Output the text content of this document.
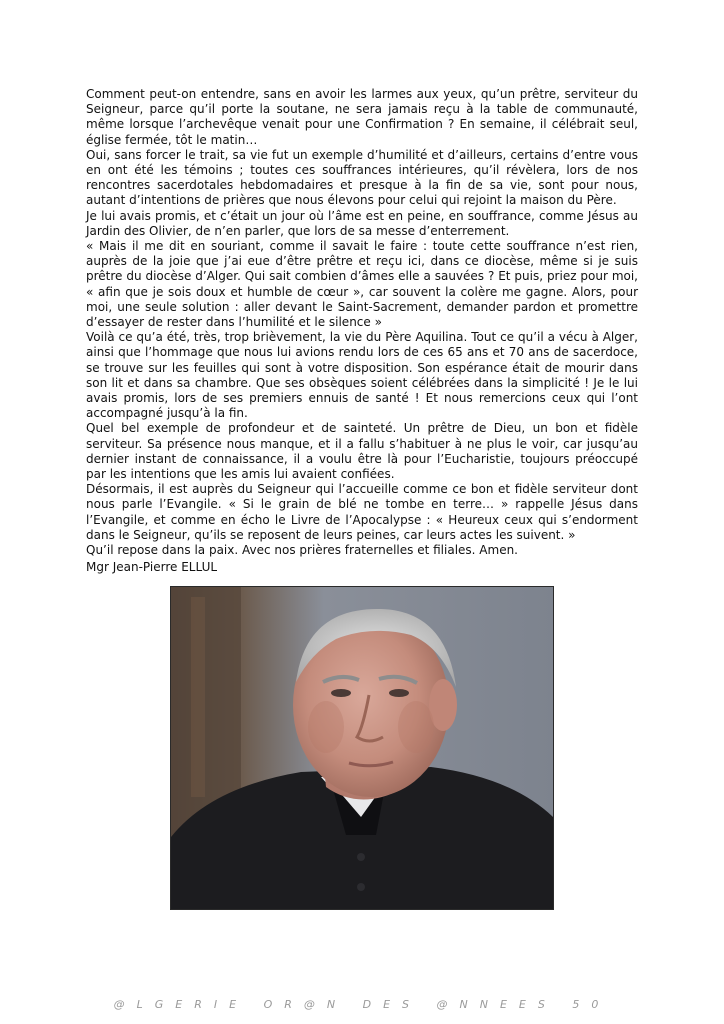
Comment peut-on entendre, sans en avoir les larmes aux yeux, qu’un prêtre, serviteur du Seigneur, parce qu’il porte la soutane, ne sera jamais reçu à la table de communauté, même lorsque l’archevêque venait pour une Confirmation ? En semaine, il célébrait seul, église fermée, tôt le matin…

Oui, sans forcer le trait, sa vie fut un exemple d’humilité et d’ailleurs, certains d’entre vous en ont été les témoins ; toutes ces souffrances intérieures, qu’il révèlera, lors de nos rencontres sacerdotales hebdomadaires et presque à la fin de sa vie, sont pour nous, autant d’intentions de prières que nous élevons pour celui qui rejoint la maison du Père.

Je lui avais promis, et c’était un jour où l’âme est en peine, en souffrance, comme Jésus au Jardin des Olivier, de n’en parler, que lors de sa messe d’enterrement.

« Mais il me dit en souriant, comme il savait le faire : toute cette souffrance n’est rien, auprès de la joie que j’ai eue d’être prêtre et reçu ici, dans ce diocèse, même si je suis prêtre du diocèse d’Alger. Qui sait combien d’âmes elle a sauvées ? Et puis, priez pour moi, « afin que je sois doux et humble de cœur », car souvent la colère me gagne. Alors, pour moi, une seule solution : aller devant le Saint-Sacrement, demander pardon et promettre d’essayer de rester dans l’humilité et le silence »

Voilà ce qu’a été, très, trop brièvement, la vie du Père Aquilina. Tout ce qu’il a vécu à Alger, ainsi que l’hommage que nous lui avions rendu lors de ces 65 ans et 70 ans de sacerdoce, se trouve sur les feuilles qui sont à votre disposition. Son espérance était de mourir dans son lit et dans sa chambre. Que ses obsèques soient célébrées dans la simplicité ! Je le lui avais promis, lors de ses premiers ennuis de santé ! Et nous remercions ceux qui l’ont accompagné jusqu’à la fin.

Quel bel exemple de profondeur et de sainteté. Un prêtre de Dieu, un bon et fidèle serviteur. Sa présence nous manque, et il a fallu s’habituer à ne plus le voir, car jusqu’au dernier instant de connaissance, il a voulu être là pour l’Eucharistie, toujours préoccupé par les intentions que les amis lui avaient confiées.

Désormais, il est auprès du Seigneur qui l’accueille comme ce bon et fidèle serviteur dont nous parle l’Evangile. « Si le grain de blé ne tombe en terre… » rappelle Jésus dans l’Evangile, et comme en écho le Livre de l’Apocalypse : « Heureux ceux qui s’endorment dans le Seigneur, qu’ils se reposent de leurs peines, car leurs actes les suivent. »

Qu’il repose dans la paix. Avec nos prières fraternelles et filiales. Amen.

Mgr Jean-Pierre ELLUL
@LGERIE OR@N DES @NNEES 50
